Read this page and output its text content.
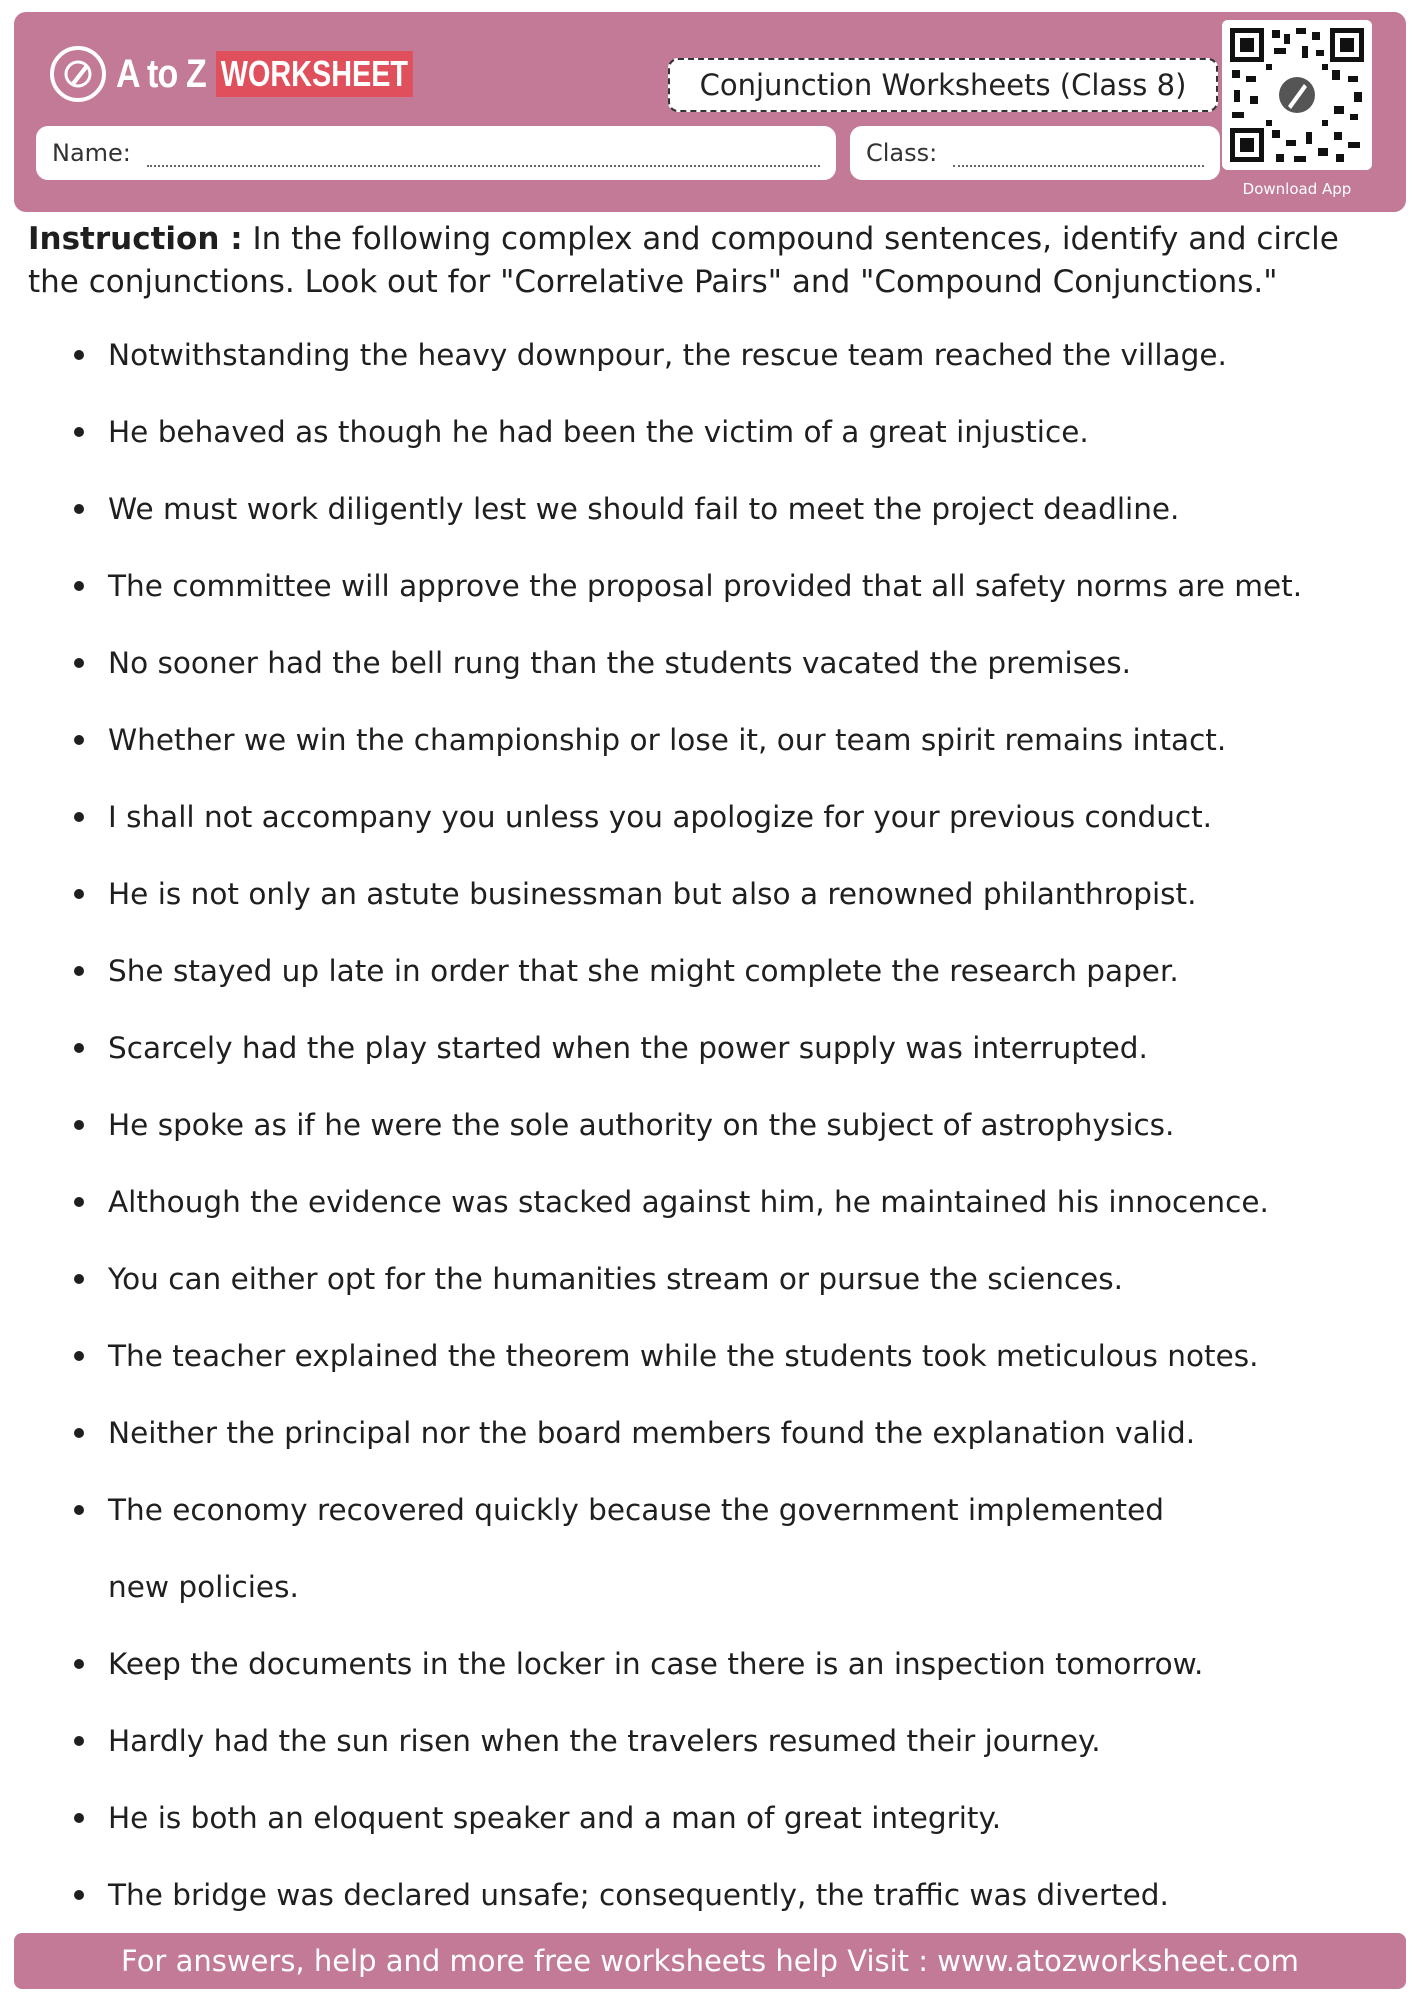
A to Z WORKSHEET	Conjunction Worksheets (Class 8)
Name:	Class:
Download App
Instruction : In the following complex and compound sentences, identify and circle the conjunctions. Look out for "Correlative Pairs" and "Compound Conjunctions."
Notwithstanding the heavy downpour, the rescue team reached the village.
He behaved as though he had been the victim of a great injustice.
We must work diligently lest we should fail to meet the project deadline.
The committee will approve the proposal provided that all safety norms are met.
No sooner had the bell rung than the students vacated the premises.
Whether we win the championship or lose it, our team spirit remains intact.
I shall not accompany you unless you apologize for your previous conduct.
He is not only an astute businessman but also a renowned philanthropist.
She stayed up late in order that she might complete the research paper.
Scarcely had the play started when the power supply was interrupted.
He spoke as if he were the sole authority on the subject of astrophysics.
Although the evidence was stacked against him, he maintained his innocence.
You can either opt for the humanities stream or pursue the sciences.
The teacher explained the theorem while the students took meticulous notes.
Neither the principal nor the board members found the explanation valid.
The economy recovered quickly because the government implemented new policies.
Keep the documents in the locker in case there is an inspection tomorrow.
Hardly had the sun risen when the travelers resumed their journey.
He is both an eloquent speaker and a man of great integrity.
The bridge was declared unsafe; consequently, the traffic was diverted.
For answers, help and more free worksheets help Visit : www.atozworksheet.com
